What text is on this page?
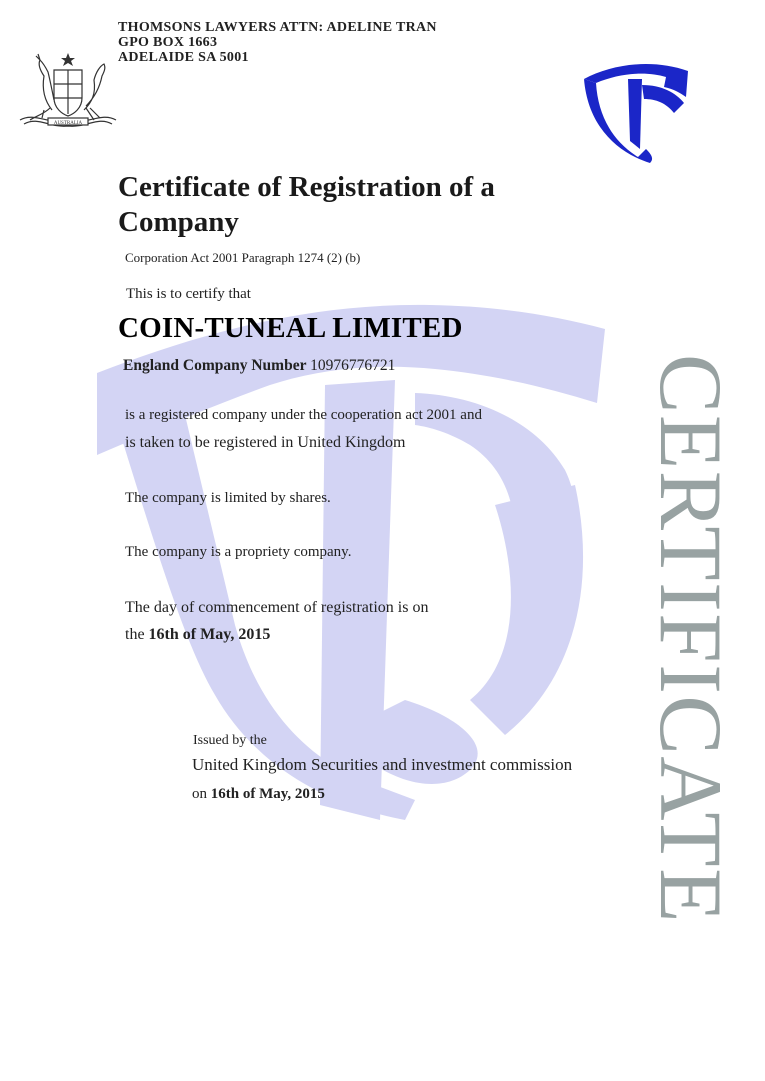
THOMSONS LAWYERS ATTN: ADELINE TRAN
GPO BOX 1663
ADELAIDE SA 5001
AUSTRALIA
Certificate of Registration of a Company
Corporation Act 2001 Paragraph 1274 (2) (b)
This is to certify that
COIN-TUNEAL LIMITED
England Company Number 10976776721
is a registered company under the cooperation act 2001 and
is taken to be registered in United Kingdom
The company is limited by shares.
The company is a propriety company.
The day of commencement of registration is on
the 16th of May, 2015
Issued by the
United Kingdom Securities and investment commission
on 16th of May, 2015	CERTIFICATE
